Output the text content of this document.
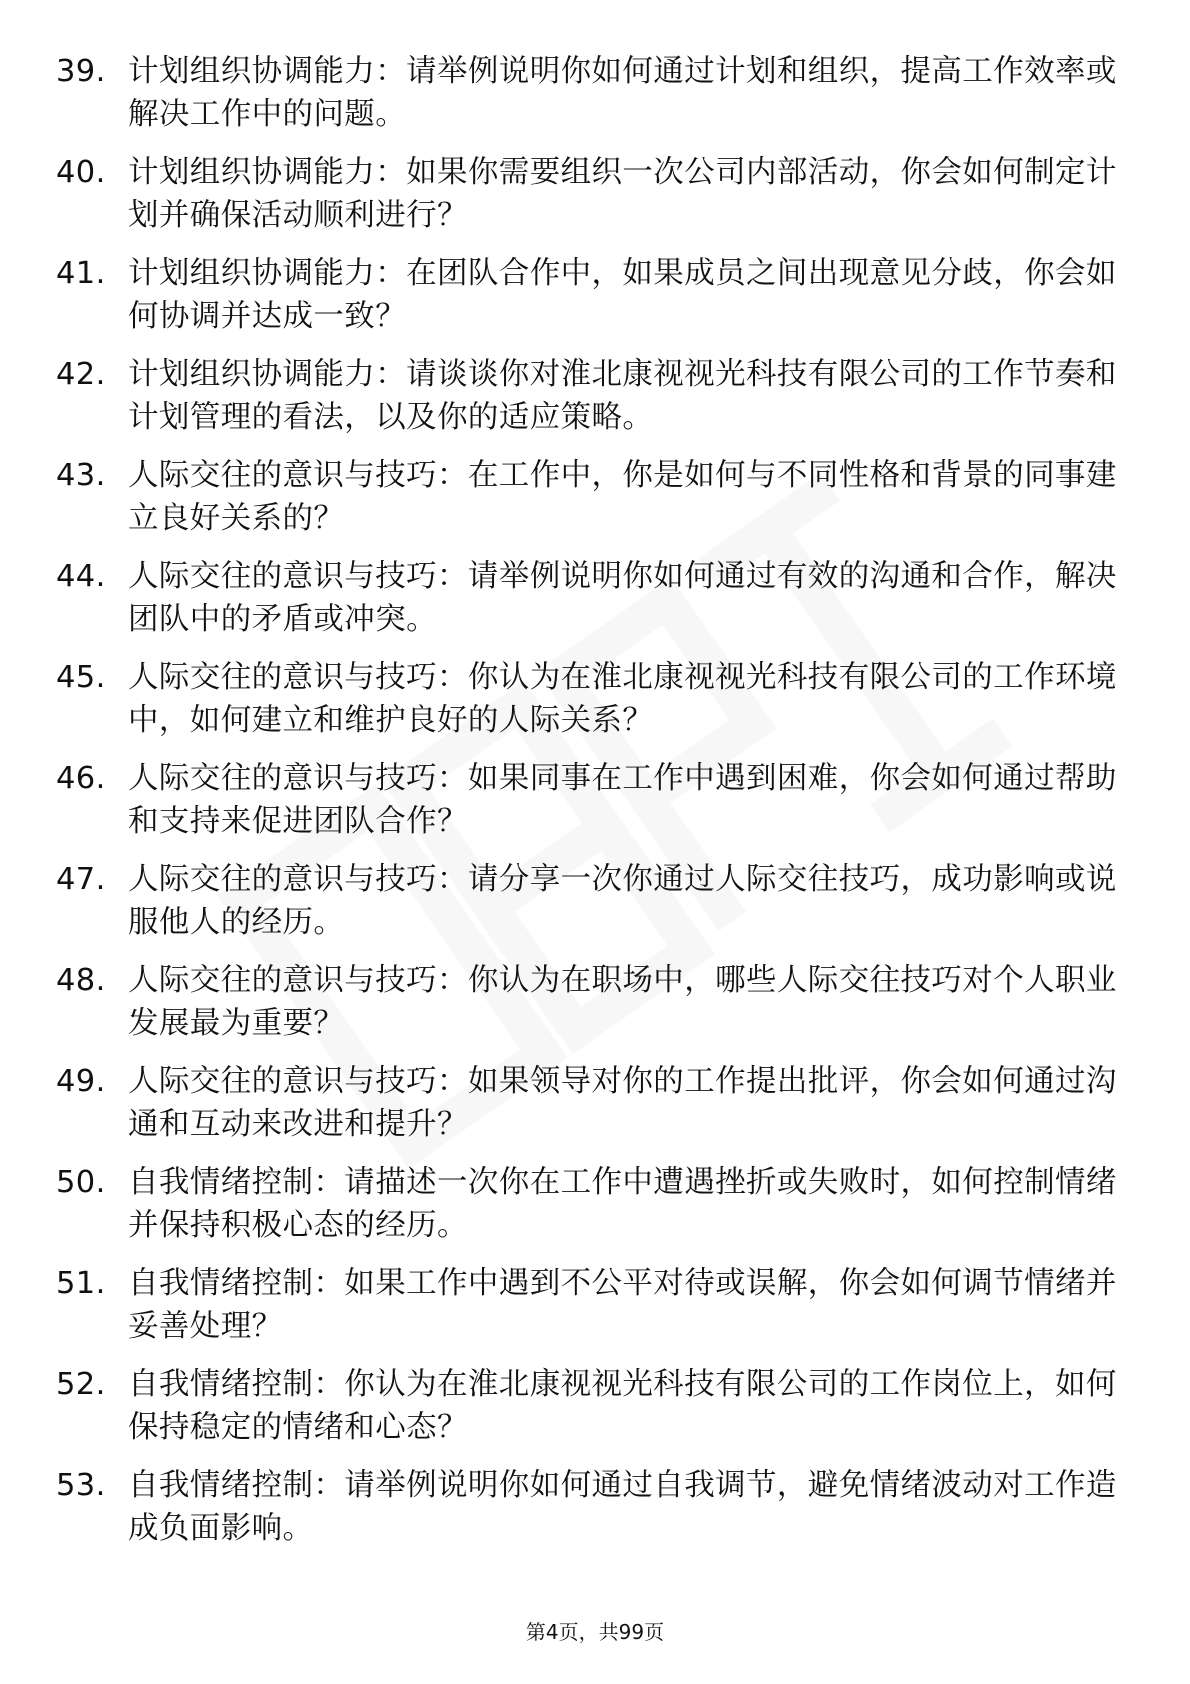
39. 计划组织协调能力：请举例说明你如何通过计划和组织，提高工作效率或解决工作中的问题。
40. 计划组织协调能力：如果你需要组织一次公司内部活动，你会如何制定计划并确保活动顺利进行？
41. 计划组织协调能力：在团队合作中，如果成员之间出现意见分歧，你会如何协调并达成一致？
42. 计划组织协调能力：请谈谈你对淮北康视视光科技有限公司的工作节奏和计划管理的看法，以及你的适应策略。
43. 人际交往的意识与技巧：在工作中，你是如何与不同性格和背景的同事建立良好关系的？
44. 人际交往的意识与技巧：请举例说明你如何通过有效的沟通和合作，解决团队中的矛盾或冲突。
45. 人际交往的意识与技巧：你认为在淮北康视视光科技有限公司的工作环境中，如何建立和维护良好的人际关系？
46. 人际交往的意识与技巧：如果同事在工作中遇到困难，你会如何通过帮助和支持来促进团队合作？
47. 人际交往的意识与技巧：请分享一次你通过人际交往技巧，成功影响或说服他人的经历。
48. 人际交往的意识与技巧：你认为在职场中，哪些人际交往技巧对个人职业发展最为重要？
49. 人际交往的意识与技巧：如果领导对你的工作提出批评，你会如何通过沟通和互动来改进和提升？
50. 自我情绪控制：请描述一次你在工作中遭遇挫折或失败时，如何控制情绪并保持积极心态的经历。
51. 自我情绪控制：如果工作中遇到不公平对待或误解，你会如何调节情绪并妥善处理？
52. 自我情绪控制：你认为在淮北康视视光科技有限公司的工作岗位上，如何保持稳定的情绪和心态？
53. 自我情绪控制：请举例说明你如何通过自我调节，避免情绪波动对工作造成负面影响。
第4页，共99页
